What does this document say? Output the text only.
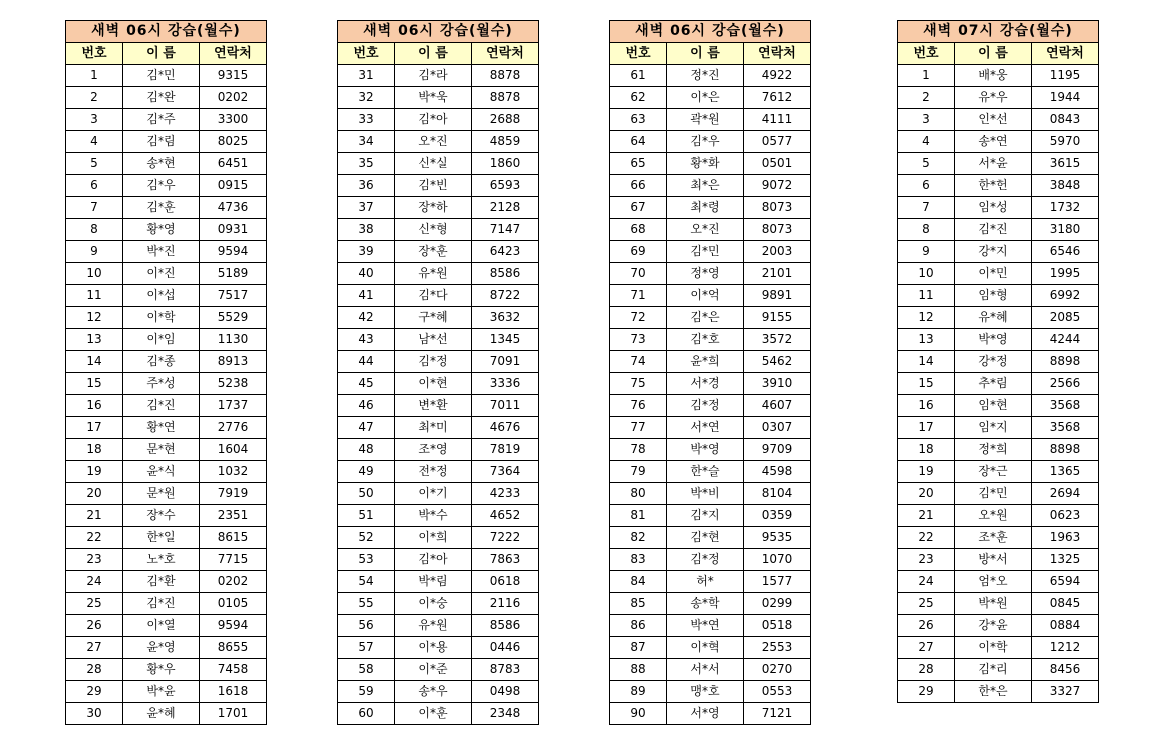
새벽 06시 강습(월수)		
번호	이 름	연락처
1	김*민	9315
2	김*완	0202
3	김*주	3300
4	김*림	8025
5	송*현	6451
6	김*우	0915
7	김*훈	4736
8	황*영	0931
9	박*진	9594
10	이*진	5189
11	이*섭	7517
12	이*학	5529
13	이*임	1130
14	김*종	8913
15	주*성	5238
16	김*진	1737
17	황*연	2776
18	문*현	1604
19	윤*식	1032
20	문*원	7919
21	장*수	2351
22	한*일	8615
23	노*호	7715
24	김*환	0202
25	김*진	0105
26	이*열	9594
27	윤*영	8655
28	황*우	7458
29	박*윤	1618
30	윤*혜	1701
새벽 06시 강습(월수)		
번호	이 름	연락처
31	김*라	8878
32	박*욱	8878
33	김*아	2688
34	오*진	4859
35	신*실	1860
36	김*빈	6593
37	장*하	2128
38	신*형	7147
39	장*훈	6423
40	유*원	8586
41	김*다	8722
42	구*혜	3632
43	남*선	1345
44	김*정	7091
45	이*현	3336
46	변*환	7011
47	최*미	4676
48	조*영	7819
49	전*정	7364
50	이*기	4233
51	박*수	4652
52	이*희	7222
53	김*아	7863
54	박*림	0618
55	이*숭	2116
56	유*원	8586
57	이*용	0446
58	이*준	8783
59	송*우	0498
60	이*훈	2348
새벽 06시 강습(월수)		
번호	이 름	연락처
61	정*진	4922
62	이*은	7612
63	곽*원	4111
64	김*우	0577
65	황*화	0501
66	최*은	9072
67	최*령	8073
68	오*진	8073
69	김*민	2003
70	정*영	2101
71	이*억	9891
72	김*은	9155
73	김*호	3572
74	윤*희	5462
75	서*경	3910
76	김*정	4607
77	서*연	0307
78	박*영	9709
79	한*슬	4598
80	박*비	8104
81	김*지	0359
82	김*현	9535
83	김*정	1070
84	허*	1577
85	송*학	0299
86	박*연	0518
87	이*혁	2553
88	서*서	0270
89	맹*호	0553
90	서*영	7121
새벽 07시 강습(월수)		
번호	이 름	연락처
1	배*웅	1195
2	유*우	1944
3	인*선	0843
4	송*연	5970
5	서*윤	3615
6	한*헌	3848
7	임*성	1732
8	김*진	3180
9	강*지	6546
10	이*민	1995
11	임*형	6992
12	유*혜	2085
13	박*영	4244
14	강*정	8898
15	추*림	2566
16	임*현	3568
17	임*지	3568
18	정*희	8898
19	장*근	1365
20	김*민	2694
21	오*원	0623
22	조*훈	1963
23	방*서	1325
24	엄*오	6594
25	박*원	0845
26	강*윤	0884
27	이*학	1212
28	김*리	8456
29	한*은	3327
